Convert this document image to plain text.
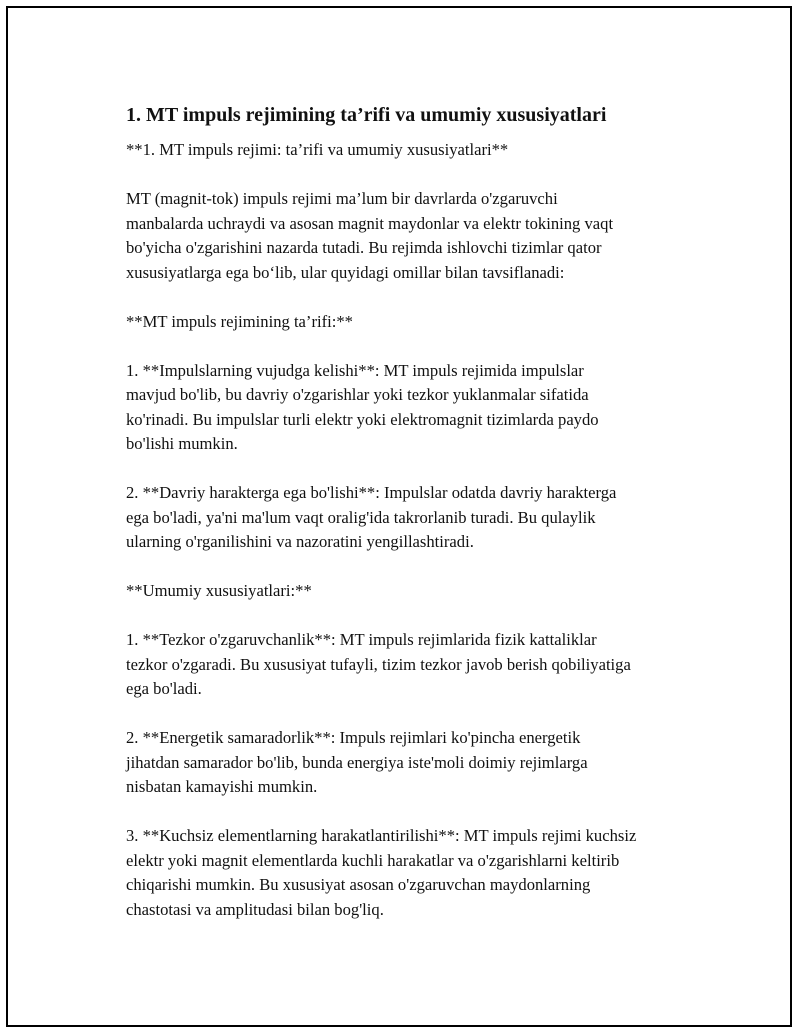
1. MT impuls rejimining ta’rifi va umumiy xususiyatlari

**1. MT impuls rejimi: ta’rifi va umumiy xususiyatlari**

MT (magnit-tok) impuls rejimi ma’lum bir davrlarda o'zgaruvchi
manbalarda uchraydi va asosan magnit maydonlar va elektr tokining vaqt
bo'yicha o'zgarishini nazarda tutadi. Bu rejimda ishlovchi tizimlar qator
xususiyatlarga ega bo‘lib, ular quyidagi omillar bilan tavsiflanadi:

**MT impuls rejimining ta’rifi:**

1. **Impulslarning vujudga kelishi**: MT impuls rejimida impulslar
mavjud bo'lib, bu davriy o'zgarishlar yoki tezkor yuklanmalar sifatida
ko'rinadi. Bu impulslar turli elektr yoki elektromagnit tizimlarda paydo
bo'lishi mumkin.

2. **Davriy harakterga ega bo'lishi**: Impulslar odatda davriy harakterga
ega bo'ladi, ya'ni ma'lum vaqt oralig'ida takrorlanib turadi. Bu qulaylik
ularning o'rganilishini va nazoratini yengillashtiradi.

**Umumiy xususiyatlari:**

1. **Tezkor o'zgaruvchanlik**: MT impuls rejimlarida fizik kattaliklar
tezkor o'zgaradi. Bu xususiyat tufayli, tizim tezkor javob berish qobiliyatiga
ega bo'ladi.

2. **Energetik samaradorlik**: Impuls rejimlari ko'pincha energetik
jihatdan samarador bo'lib, bunda energiya iste'moli doimiy rejimlarga
nisbatan kamayishi mumkin.

3. **Kuchsiz elementlarning harakatlantirilishi**: MT impuls rejimi kuchsiz
elektr yoki magnit elementlarda kuchli harakatlar va o'zgarishlarni keltirib
chiqarishi mumkin. Bu xususiyat asosan o'zgaruvchan maydonlarning
chastotasi va amplitudasi bilan bog'liq.
